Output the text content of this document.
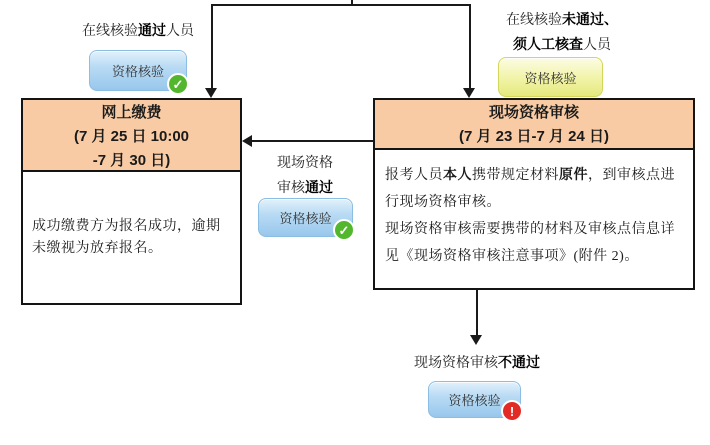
在线核验通过人员
在线核验未通过、
须人工核查人员
现场资格
审核通过
现场资格审核不通过
资格核验
✓	资格核验
资格核验
✓
资格核验
!
网上缴费
(7 月 25 日 10:00
-7 月 30 日)
成功缴费方为报名成功，逾期未缴视为放弃报名。
现场资格审核
(7 月 23 日-7 月 24 日)
报考人员本人携带规定材料原件，到审核点进行现场资格审核。
现场资格审核需要携带的材料及审核点信息详见《现场资格审核注意事项》(附件 2)。
